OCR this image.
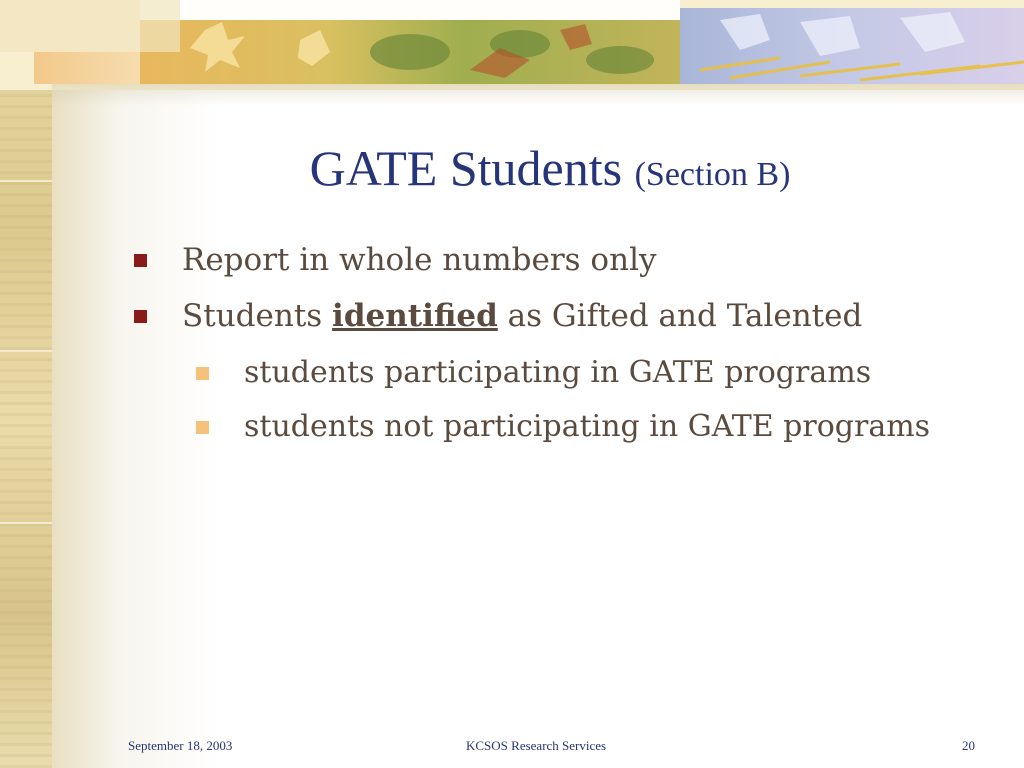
GATE Students (Section B)
Report in whole numbers only
Students identified as Gifted and Talented
students participating in GATE programs
students not participating in GATE programs
September 18, 2003	KCSOS Research Services	20
